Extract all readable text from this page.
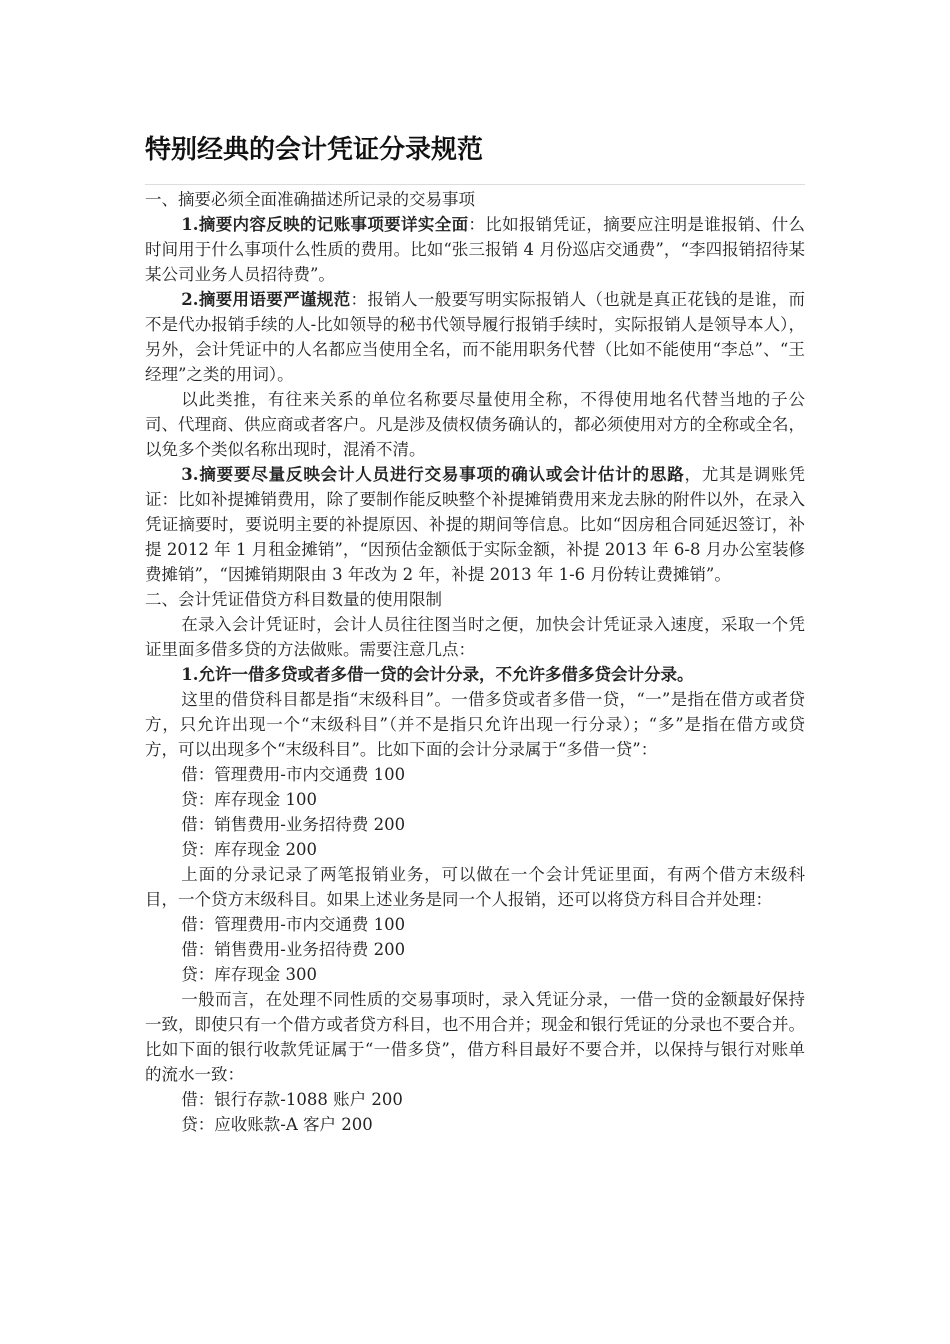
特别经典的会计凭证分录规范

一、摘要必须全面准确描述所记录的交易事项

1.摘要内容反映的记账事项要详实全面：比如报销凭证，摘要应注明是谁报销、什么时间用于什么事项什么性质的费用。比如“张三报销 4 月份巡店交通费”，“李四报销招待某某公司业务人员招待费”。

2.摘要用语要严谨规范：报销人一般要写明实际报销人（也就是真正花钱的是谁，而不是代办报销手续的人-比如领导的秘书代领导履行报销手续时，实际报销人是领导本人），另外，会计凭证中的人名都应当使用全名，而不能用职务代替（比如不能使用“李总”、“王经理”之类的用词）。

以此类推，有往来关系的单位名称要尽量使用全称，不得使用地名代替当地的子公司、代理商、供应商或者客户。凡是涉及债权债务确认的，都必须使用对方的全称或全名，以免多个类似名称出现时，混淆不清。

3.摘要要尽量反映会计人员进行交易事项的确认或会计估计的思路，尤其是调账凭证：比如补提摊销费用，除了要制作能反映整个补提摊销费用来龙去脉的附件以外，在录入凭证摘要时，要说明主要的补提原因、补提的期间等信息。比如“因房租合同延迟签订，补提 2012 年 1 月租金摊销”，“因预估金额低于实际金额，补提 2013 年 6-8 月办公室装修费摊销”，“因摊销期限由 3 年改为 2 年，补提 2013 年 1-6 月份转让费摊销”。

二、会计凭证借贷方科目数量的使用限制

在录入会计凭证时，会计人员往往图当时之便，加快会计凭证录入速度，采取一个凭证里面多借多贷的方法做账。需要注意几点：

1.允许一借多贷或者多借一贷的会计分录，不允许多借多贷会计分录。

这里的借贷科目都是指“末级科目”。一借多贷或者多借一贷，“一”是指在借方或者贷方，只允许出现一个“末级科目”（并不是指只允许出现一行分录）；“多”是指在借方或贷方，可以出现多个“末级科目”。比如下面的会计分录属于“多借一贷”：

借：管理费用-市内交通费 100

贷：库存现金 100

借：销售费用-业务招待费 200

贷：库存现金 200

上面的分录记录了两笔报销业务，可以做在一个会计凭证里面，有两个借方末级科目，一个贷方末级科目。如果上述业务是同一个人报销，还可以将贷方科目合并处理：

借：管理费用-市内交通费 100

借：销售费用-业务招待费 200

贷：库存现金 300

一般而言，在处理不同性质的交易事项时，录入凭证分录，一借一贷的金额最好保持一致，即使只有一个借方或者贷方科目，也不用合并；现金和银行凭证的分录也不要合并。比如下面的银行收款凭证属于“一借多贷”，借方科目最好不要合并，以保持与银行对账单的流水一致：

借：银行存款-1088 账户 200

贷：应收账款-A 客户 200
